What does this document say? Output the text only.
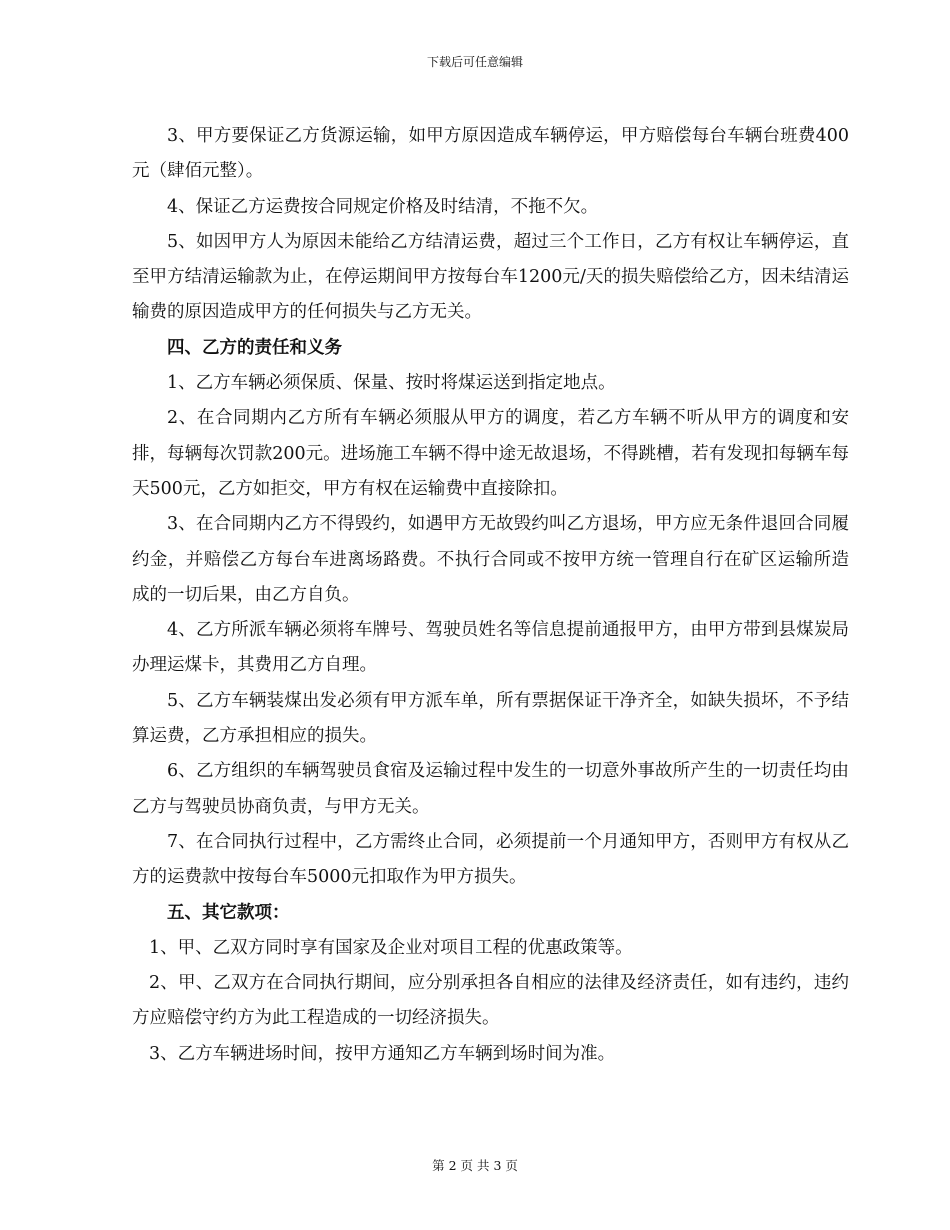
下载后可任意编辑

3、甲方要保证乙方货源运输，如甲方原因造成车辆停运，甲方赔偿每台车辆台班费400元（肆佰元整）。

4、保证乙方运费按合同规定价格及时结清，不拖不欠。

5、如因甲方人为原因未能给乙方结清运费，超过三个工作日，乙方有权让车辆停运，直至甲方结清运输款为止，在停运期间甲方按每台车1200元/天的损失赔偿给乙方，因未结清运输费的原因造成甲方的任何损失与乙方无关。

四、乙方的责任和义务

1、乙方车辆必须保质、保量、按时将煤运送到指定地点。

2、在合同期内乙方所有车辆必须服从甲方的调度，若乙方车辆不听从甲方的调度和安排，每辆每次罚款200元。进场施工车辆不得中途无故退场，不得跳槽，若有发现扣每辆车每天500元，乙方如拒交，甲方有权在运输费中直接除扣。

3、在合同期内乙方不得毁约，如遇甲方无故毁约叫乙方退场，甲方应无条件退回合同履约金，并赔偿乙方每台车进离场路费。不执行合同或不按甲方统一管理自行在矿区运输所造成的一切后果，由乙方自负。

4、乙方所派车辆必须将车牌号、驾驶员姓名等信息提前通报甲方，由甲方带到县煤炭局办理运煤卡，其费用乙方自理。

5、乙方车辆装煤出发必须有甲方派车单，所有票据保证干净齐全，如缺失损坏，不予结算运费，乙方承担相应的损失。

6、乙方组织的车辆驾驶员食宿及运输过程中发生的一切意外事故所产生的一切责任均由乙方与驾驶员协商负责，与甲方无关。

7、在合同执行过程中，乙方需终止合同，必须提前一个月通知甲方，否则甲方有权从乙方的运费款中按每台车5000元扣取作为甲方损失。

五、其它款项：

1、甲、乙双方同时享有国家及企业对项目工程的优惠政策等。

2、甲、乙双方在合同执行期间，应分别承担各自相应的法律及经济责任，如有违约，违约方应赔偿守约方为此工程造成的一切经济损失。

3、乙方车辆进场时间，按甲方通知乙方车辆到场时间为准。

第 2 页 共 3 页
